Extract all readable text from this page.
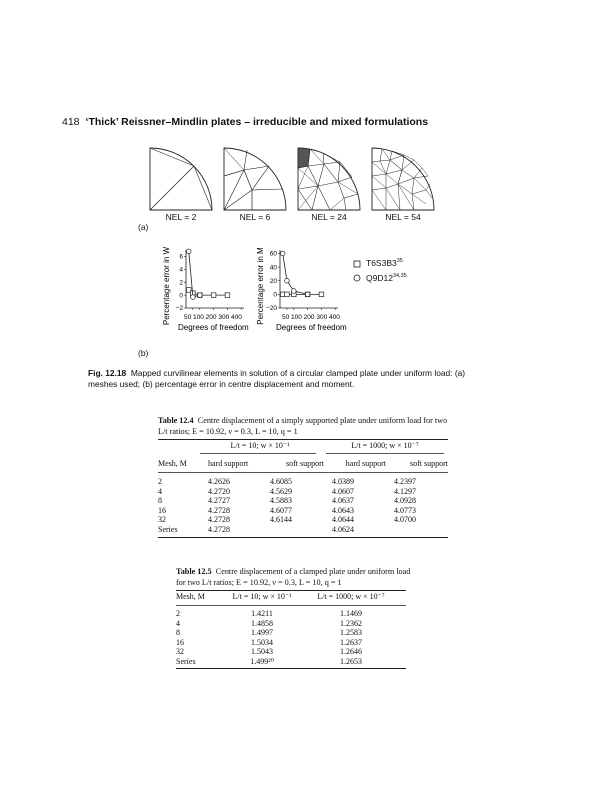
418 ‘Thick’ Reissner–Mindlin plates – irreducible and mixed formulations
NEL = 2	NEL = 6	NEL = 24	NEL = 54
(a)
Percentage error in W 6
4
2
0
−2
50 100 200 300 400
Degrees of freedom
Percentage error in M 60
40
20
0
−20
50 100 200 300 400
Degrees of freedom
$T6S3B3^{35}$
Q9D12$^{34,35}$
(b)
Fig. 12.18 Mapped curvilinear elements in solution of a circular clamped plate under uniform load: (a) meshes used; (b) percentage error in centre displacement and moment.
Table 12.4 Centre displacement of a simply supported plate under uniform load for two L/t ratios; E = 10.92, ν = 0.3, L = 10, q = 1
L/t = 10; w × 10⁻¹	L/t = 1000; w × 10⁻⁷
Mesh, M	hard support	soft support	hard support	soft support
2	4.2626	4.6085	4.0389	4.2397
4	4.2720	4.5629	4.0607	4.1297
8	4.2727	4.5883	4.0637	4.0928
16	4.2728	4.6077	4.0643	4.0773
32	4.2728	4.6144	4.0644	4.0700
Series	4.2728		4.0624	
Table 12.5 Centre displacement of a clamped plate under uniform load for two L/t ratios; E = 10.92, ν = 0.3, L = 10, q = 1
Mesh, M	L/t = 10; w × 10⁻¹	L/t = 1000; w × 10⁻⁷
2	1.4211	1.1469
4	1.4858	1.2362
8	1.4997	1.2583
16	1.5034	1.2637
32	1.5043	1.2646
Series	1.499²⁰	1.2653
